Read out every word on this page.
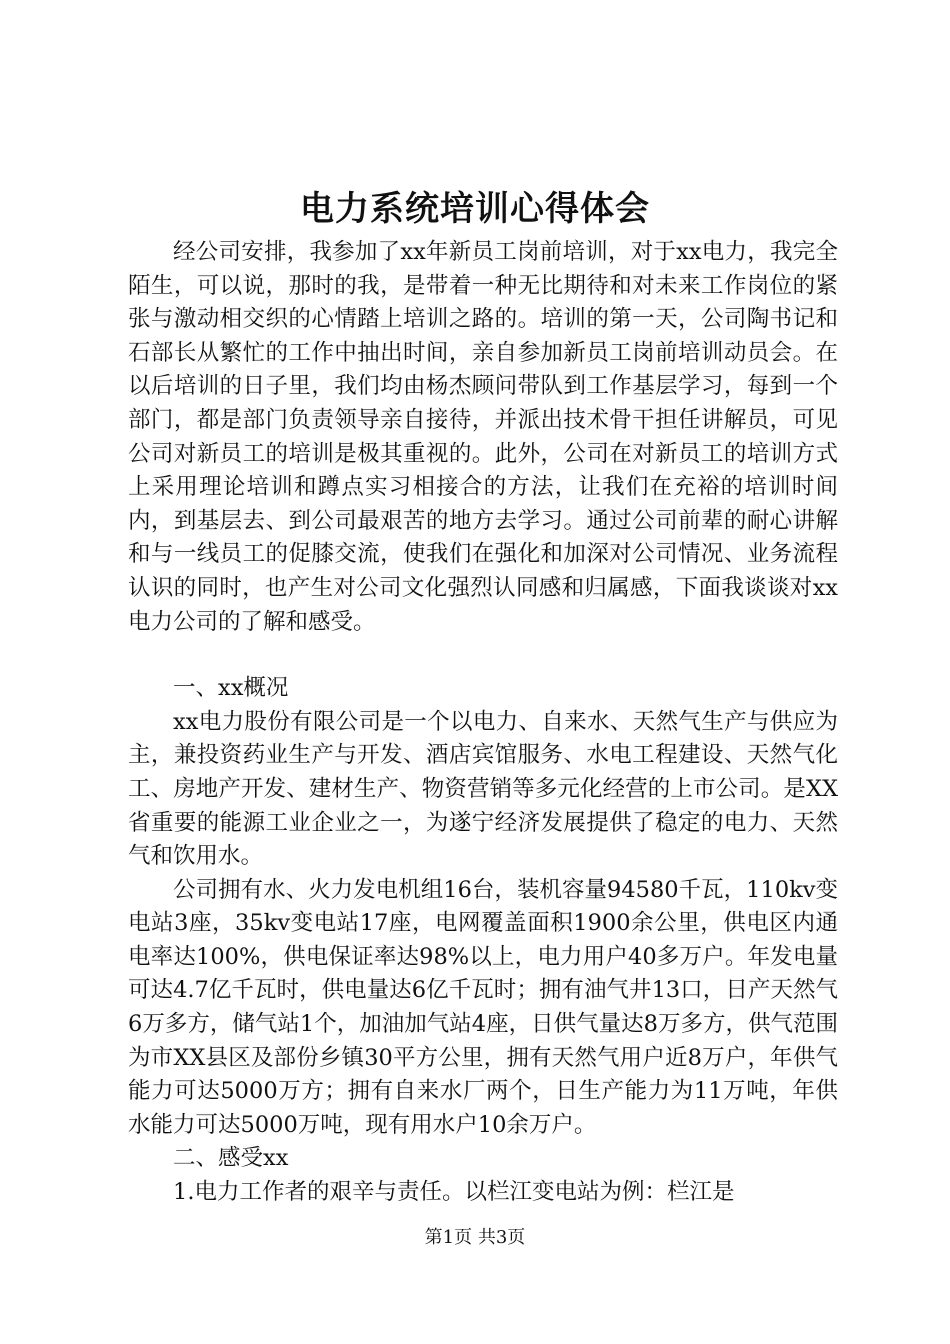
电力系统培训心得体会

经公司安排，我参加了xx年新员工岗前培训，对于xx电力，我完全陌生，可以说，那时的我，是带着一种无比期待和对未来工作岗位的紧张与激动相交织的心情踏上培训之路的。培训的第一天，公司陶书记和石部长从繁忙的工作中抽出时间，亲自参加新员工岗前培训动员会。在以后培训的日子里，我们均由杨杰顾问带队到工作基层学习，每到一个部门，都是部门负责领导亲自接待，并派出技术骨干担任讲解员，可见公司对新员工的培训是极其重视的。此外，公司在对新员工的培训方式上采用理论培训和蹲点实习相接合的方法，让我们在充裕的培训时间内，到基层去、到公司最艰苦的地方去学习。通过公司前辈的耐心讲解和与一线员工的促膝交流，使我们在强化和加深对公司情况、业务流程认识的同时，也产生对公司文化强烈认同感和归属感，下面我谈谈对xx电力公司的了解和感受。

一、xx概况

xx电力股份有限公司是一个以电力、自来水、天然气生产与供应为主，兼投资药业生产与开发、酒店宾馆服务、水电工程建设、天然气化工、房地产开发、建材生产、物资营销等多元化经营的上市公司。是XX省重要的能源工业企业之一，为遂宁经济发展提供了稳定的电力、天然气和饮用水。

公司拥有水、火力发电机组16台，装机容量94580千瓦，110kv变电站3座，35kv变电站17座，电网覆盖面积1900余公里，供电区内通电率达100%，供电保证率达98%以上，电力用户40多万户。年发电量可达4.7亿千瓦时，供电量达6亿千瓦时；拥有油气井13口，日产天然气6万多方，储气站1个，加油加气站4座，日供气量达8万多方，供气范围为市XX县区及部份乡镇30平方公里，拥有天然气用户近8万户，年供气能力可达5000万方；拥有自来水厂两个，日生产能力为11万吨，年供水能力可达5000万吨，现有用水户10余万户。

二、感受xx

1.电力工作者的艰辛与责任。以栏江变电站为例：栏江是

第1页 共3页
